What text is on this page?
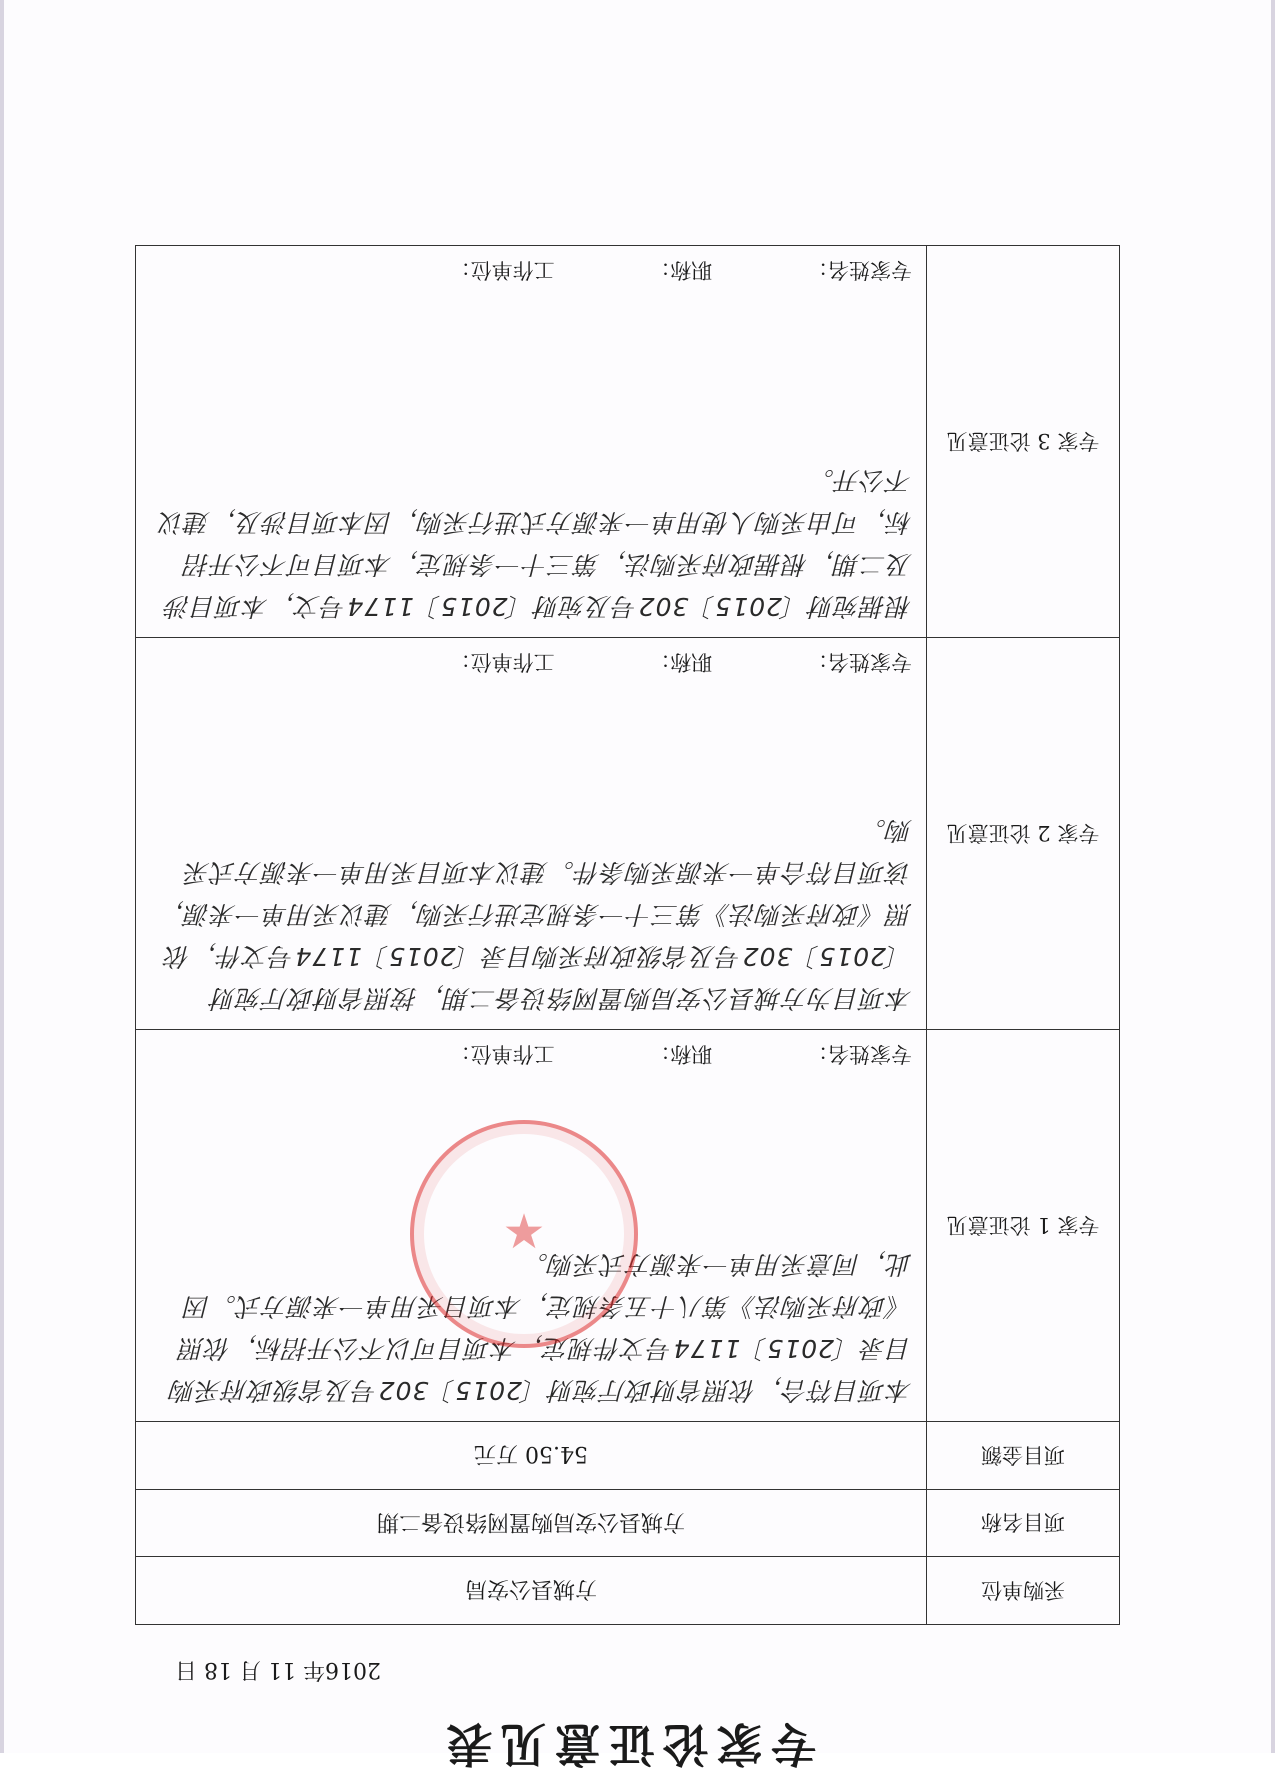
专家论证意见表
2016年 11 月 18 日
采购单位	方城县公安局
项目名称	方城县公安局购置网络设备二期
项目金额	54.50 万元
专家 1 论证意见	本项目符合，依照省财政厅宛财〔2015〕302号及省级政府采购目录〔2015〕1174号文件规定，本项目可以不公开招标，依照《政府采购法》第八十五条规定，本项目采用单一来源方式。因此，同意采用单一来源方式采购。
专家姓名： 职称： 工作单位：

专家 2 论证意见	本项目为方城县公安局购置网络设备二期，按照省财政厅宛财〔2015〕302号及省级政府采购目录〔2015〕1174号文件，依照《政府采购法》第三十一条规定进行采购，建议采用单一来源，该项目符合单一来源采购条件。建议本项目采用单一来源方式采购。
专家姓名： 职称： 工作单位：

专家 3 论证意见	根据宛财〔2015〕302号及宛财〔2015〕1174号文，本项目涉及二期，根据政府采购法，第三十一条规定，本项目可不公开招标，可由采购人使用单一来源方式进行采购，因本项目涉及，建议不公开。
专家姓名： 职称： 工作单位：
★
